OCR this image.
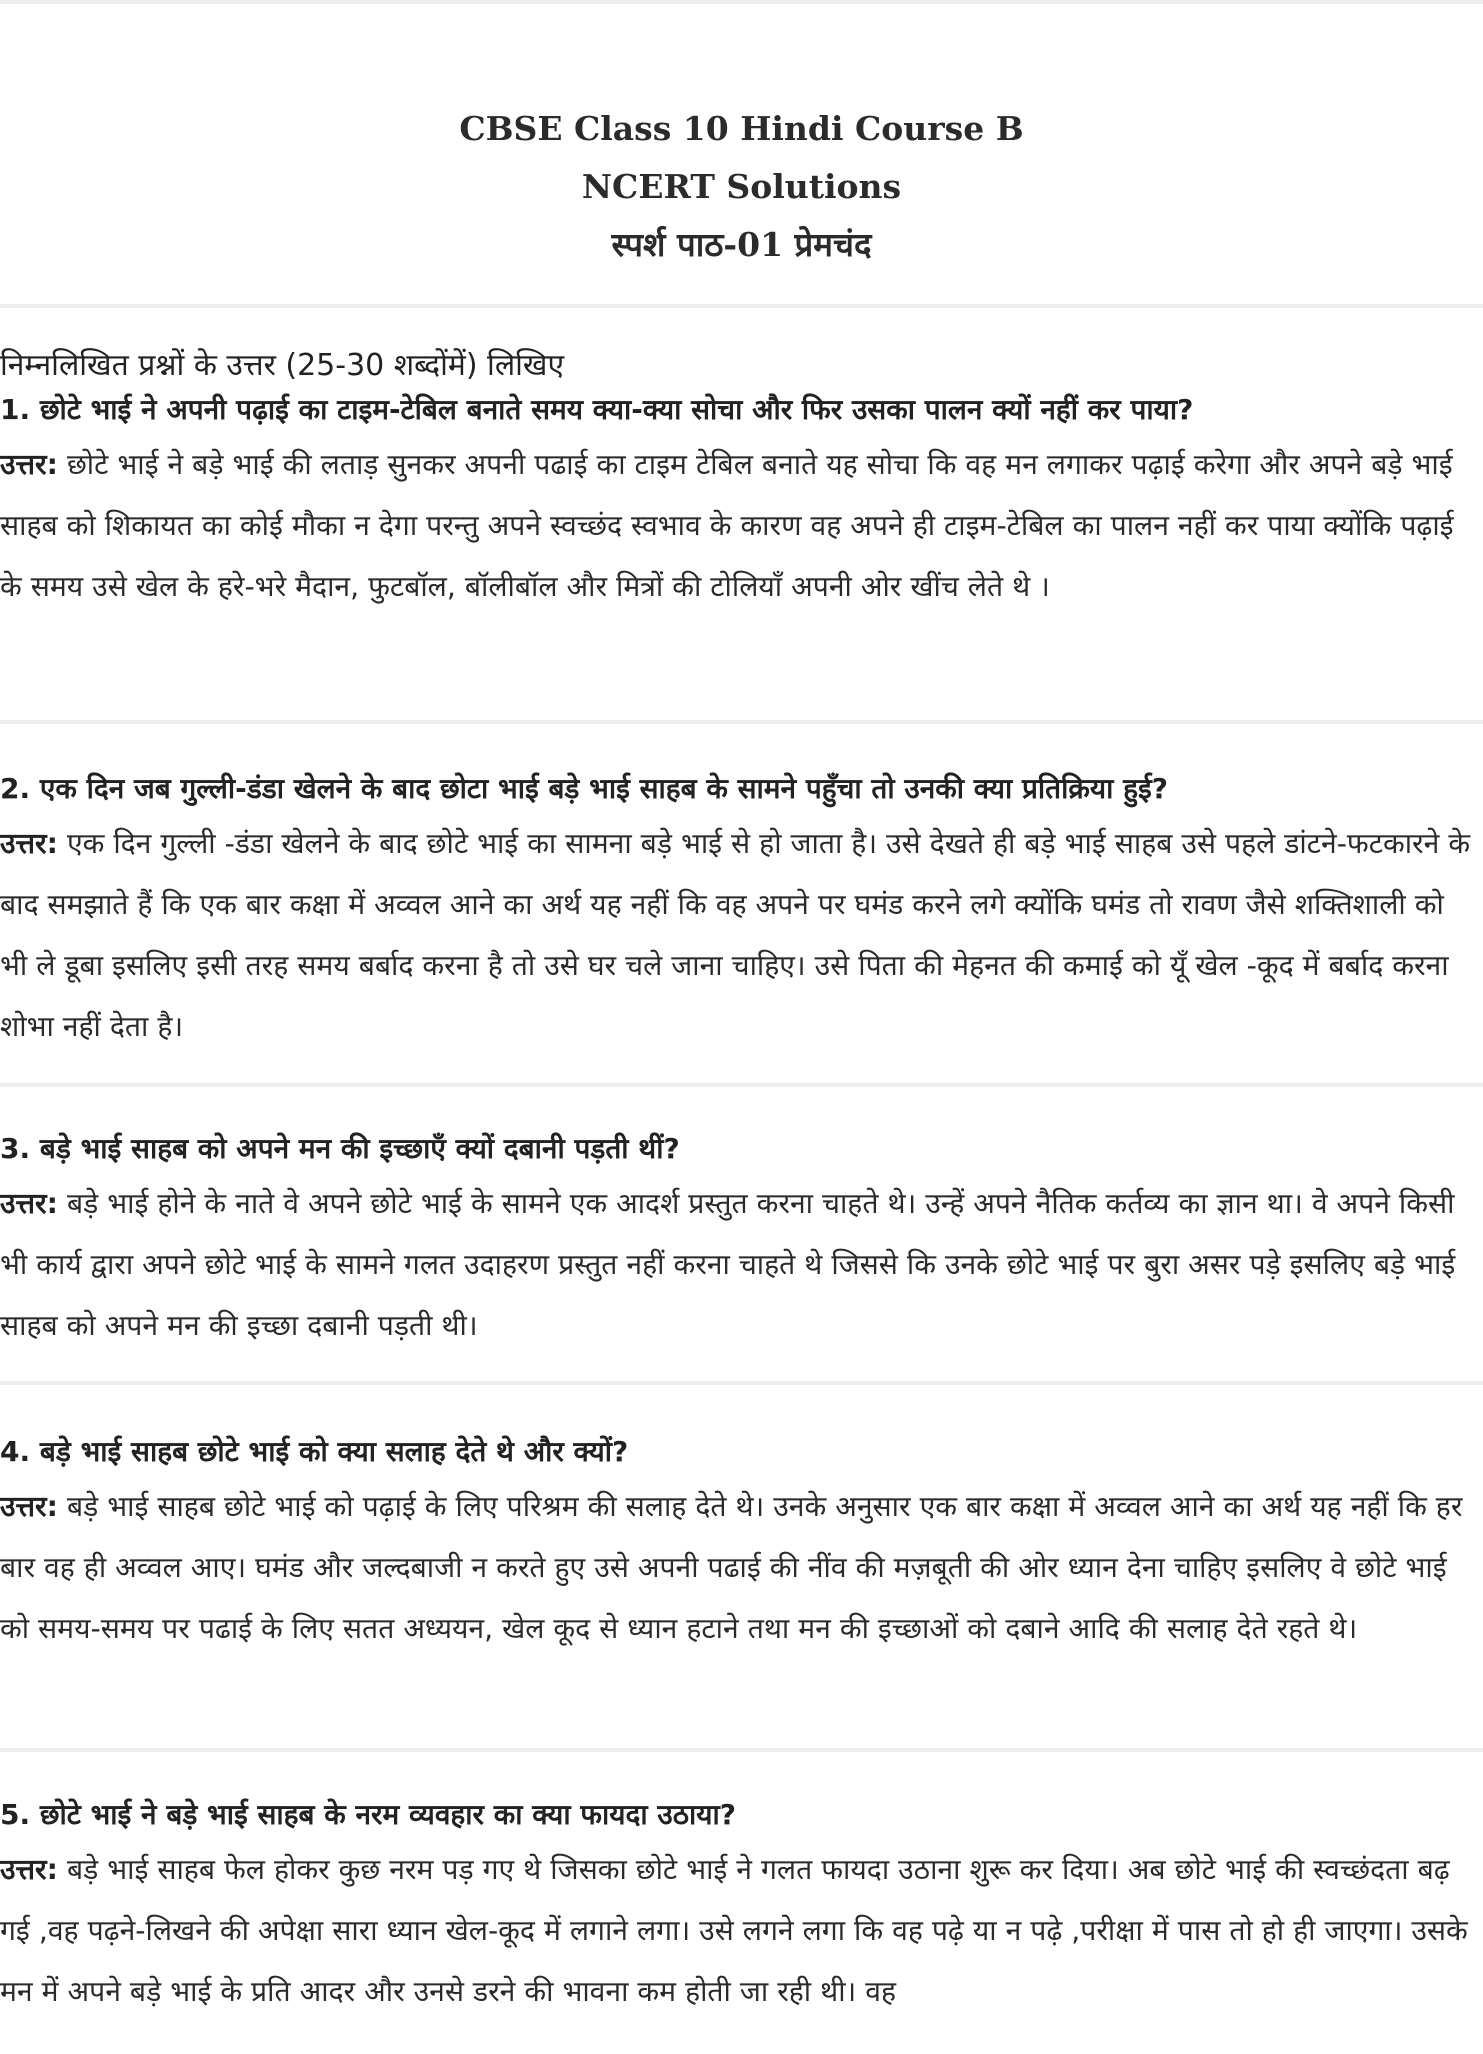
CBSE Class 10 Hindi Course B
NCERT Solutions
स्पर्श पाठ-01 प्रेमचंद
निम्नलिखित प्रश्नों के उत्तर (25-30 शब्दोंमें) लिखिए
1. छोटे भाई ने अपनी पढ़ाई का टाइम-टेबिल बनाते समय क्या-क्या सोचा और फिर उसका पालन क्यों नहीं कर पाया?
उत्तर: छोटे भाई ने बड़े भाई की लताड़ सुनकर अपनी पढाई का टाइम टेबिल बनाते यह सोचा कि वह मन लगाकर पढ़ाई करेगा और अपने बड़े भाई साहब को शिकायत का कोई मौका न देगा परन्तु अपने स्वच्छंद स्वभाव के कारण वह अपने ही टाइम-टेबिल का पालन नहीं कर पाया क्योंकि पढ़ाई के समय उसे खेल के हरे-भरे मैदान, फुटबॉल, बॉलीबॉल और मित्रों की टोलियाँ अपनी ओर खींच लेते थे ।
2. एक दिन जब गुल्ली-डंडा खेलने के बाद छोटा भाई बड़े भाई साहब के सामने पहुँचा तो उनकी क्या प्रतिक्रिया हुई?
उत्तर: एक दिन गुल्ली -डंडा खेलने के बाद छोटे भाई का सामना बड़े भाई से हो जाता है। उसे देखते ही बड़े भाई साहब उसे पहले डांटने-फटकारने के बाद समझाते हैं कि एक बार कक्षा में अव्वल आने का अर्थ यह नहीं कि वह अपने पर घमंड करने लगे क्योंकि घमंड तो रावण जैसे शक्तिशाली को भी ले डूबा इसलिए इसी तरह समय बर्बाद करना है तो उसे घर चले जाना चाहिए। उसे पिता की मेहनत की कमाई को यूँ खेल -कूद में बर्बाद करना शोभा नहीं देता है।
3. बड़े भाई साहब को अपने मन की इच्छाएँ क्यों दबानी पड़ती थीं?
उत्तर: बड़े भाई होने के नाते वे अपने छोटे भाई के सामने एक आदर्श प्रस्तुत करना चाहते थे। उन्हें अपने नैतिक कर्तव्य का ज्ञान था। वे अपने किसी भी कार्य द्वारा अपने छोटे भाई के सामने गलत उदाहरण प्रस्तुत नहीं करना चाहते थे जिससे कि उनके छोटे भाई पर बुरा असर पड़े इसलिए बड़े भाई साहब को अपने मन की इच्छा दबानी पड़ती थी।
4. बड़े भाई साहब छोटे भाई को क्या सलाह देते थे और क्यों?
उत्तर: बड़े भाई साहब छोटे भाई को पढ़ाई के लिए परिश्रम की सलाह देते थे। उनके अनुसार एक बार कक्षा में अव्वल आने का अर्थ यह नहीं कि हर बार वह ही अव्वल आए। घमंड और जल्दबाजी न करते हुए उसे अपनी पढाई की नींव की मज़बूती की ओर ध्यान देना चाहिए इसलिए वे छोटे भाई को समय-समय पर पढाई के लिए सतत अध्ययन, खेल कूद से ध्यान हटाने तथा मन की इच्छाओं को दबाने आदि की सलाह देते रहते थे।
5. छोटे भाई ने बड़े भाई साहब के नरम व्यवहार का क्या फायदा उठाया?
उत्तर: बड़े भाई साहब फेल होकर कुछ नरम पड़ गए थे जिसका छोटे भाई ने गलत फायदा उठाना शुरू कर दिया। अब छोटे भाई की स्वच्छंदता बढ़ गई ,वह पढ़ने-लिखने की अपेक्षा सारा ध्यान खेल-कूद में लगाने लगा। उसे लगने लगा कि वह पढ़े या न पढ़े ,परीक्षा में पास तो हो ही जाएगा। उसके मन में अपने बड़े भाई के प्रति आदर और उनसे डरने की भावना कम होती जा रही थी। वह
